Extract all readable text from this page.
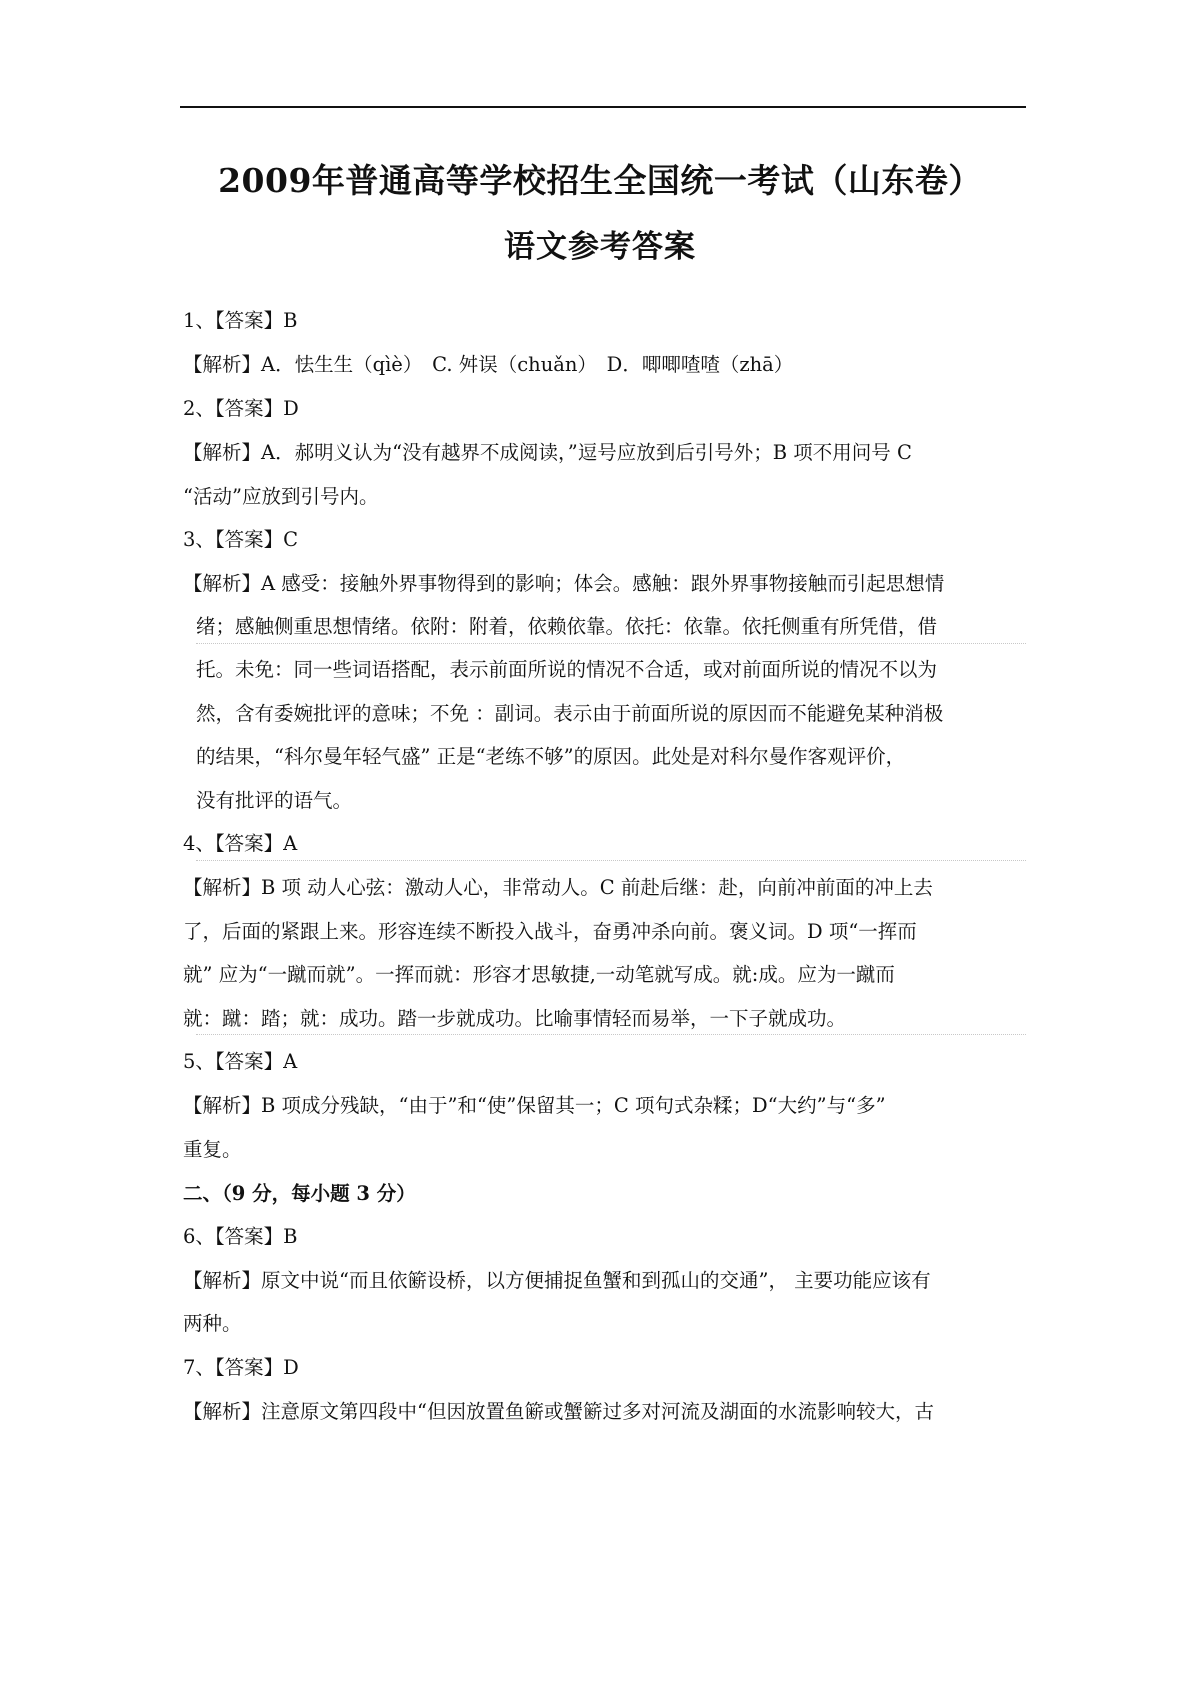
2009年普通高等学校招生全国统一考试（山东卷）
语文参考答案
1、【答案】B
【解析】A．怯生生（qìè）　C. 舛误（chuǎn）　D．唧唧喳喳（zhā）
2、【答案】D
【解析】A．郝明义认为“没有越界不成阅读，”逗号应放到后引号外；B 项不用问号 C
“活动”应放到引号内。
3、【答案】C
【解析】A 感受：接触外界事物得到的影响；体会。感触：跟外界事物接触而引起思想情
绪；感触侧重思想情绪。依附：附着，依赖依靠。依托：依靠。依托侧重有所凭借，借
托。未免：同一些词语搭配，表示前面所说的情况不合适，或对前面所说的情况不以为
然，含有委婉批评的意味；不免 ：副词。表示由于前面所说的原因而不能避免某种消极
的结果，“科尔曼年轻气盛” 正是“老练不够”的原因。此处是对科尔曼作客观评价，
没有批评的语气。
4、【答案】A
【解析】B 项 动人心弦：激动人心，非常动人。C 前赴后继：赴，向前冲前面的冲上去
了，后面的紧跟上来。形容连续不断投入战斗，奋勇冲杀向前。褒义词。D 项“一挥而
就” 应为“一蹴而就”。一挥而就：形容才思敏捷,一动笔就写成。就:成。应为一蹴而
就：蹴：踏；就：成功。踏一步就成功。比喻事情轻而易举，一下子就成功。
5、【答案】A
【解析】B 项成分残缺，“由于”和“使”保留其一；C 项句式杂糅；D“大约”与“多”
重复。
二、（9 分，每小题 3 分）
6、【答案】B
【解析】原文中说“而且依簖设桥，以方便捕捉鱼蟹和到孤山的交通”， 主要功能应该有
两种。
7、【答案】D
【解析】注意原文第四段中“但因放置鱼簖或蟹簖过多对河流及湖面的水流影响较大，古
